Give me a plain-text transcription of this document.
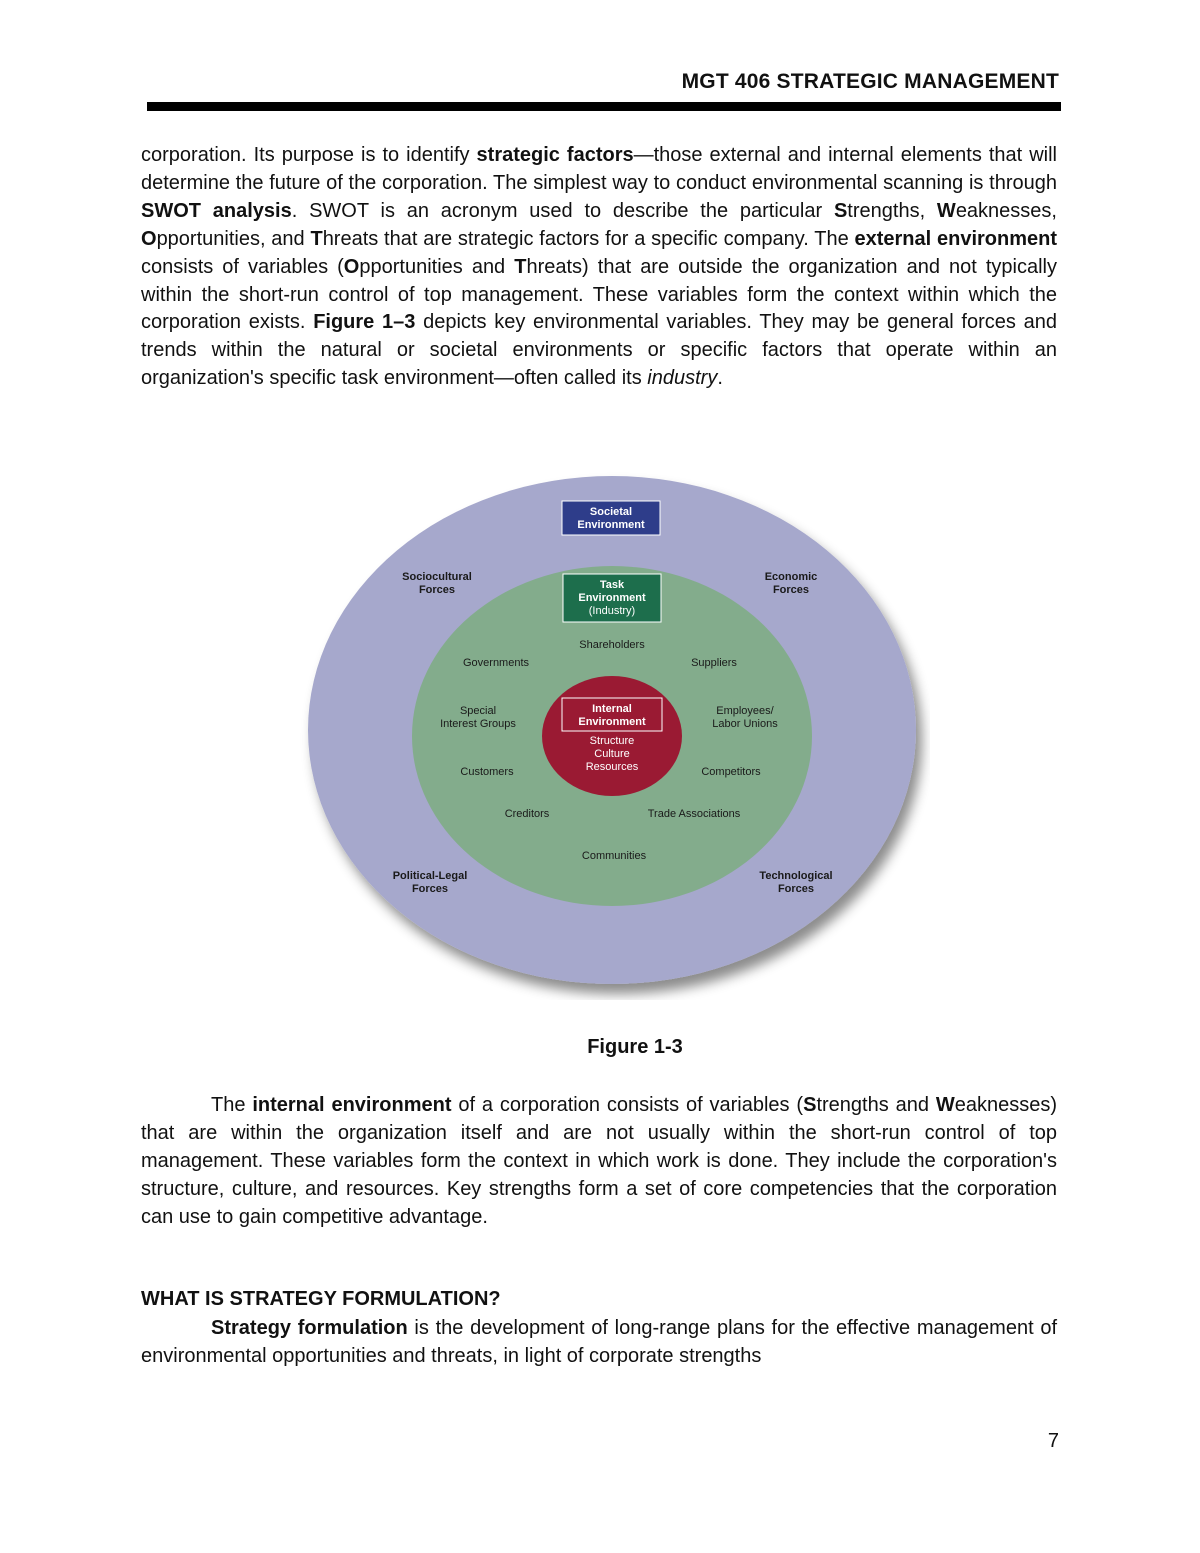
MGT 406 STRATEGIC MANAGEMENT

corporation. Its purpose is to identify strategic factors—those external and internal elements that will determine the future of the corporation. The simplest way to conduct environmental scanning is through SWOT analysis. SWOT is an acronym used to describe the particular Strengths, Weaknesses, Opportunities, and Threats that are strategic factors for a specific company. The external environment consists of variables (Opportunities and Threats) that are outside the organization and not typically within the short-run control of top management. These variables form the context within which the corporation exists. Figure 1–3 depicts key environmental variables. They may be general forces and trends within the natural or societal environments or specific factors that operate within an organization's specific task environment—often called its industry.

Societal
Environment
Task
Environment
(Industry)
Internal
Environment
Structure
Culture
Resources
Sociocultural
Forces
Economic
Forces
Political-Legal
Forces
Technological
Forces
Shareholders
Governments	Suppliers
Special
Interest Groups
Employees/
Labor Unions
Customers	Competitors
Creditors	Trade Associations
Communities
Figure 1-3

The internal environment of a corporation consists of variables (Strengths and Weaknesses) that are within the organization itself and are not usually within the short-run control of top management. These variables form the context in which work is done. They include the corporation's structure, culture, and resources. Key strengths form a set of core competencies that the corporation can use to gain competitive advantage.

WHAT IS STRATEGY FORMULATION?

Strategy formulation is the development of long-range plans for the effective management of environmental opportunities and threats, in light of corporate strengths

7
